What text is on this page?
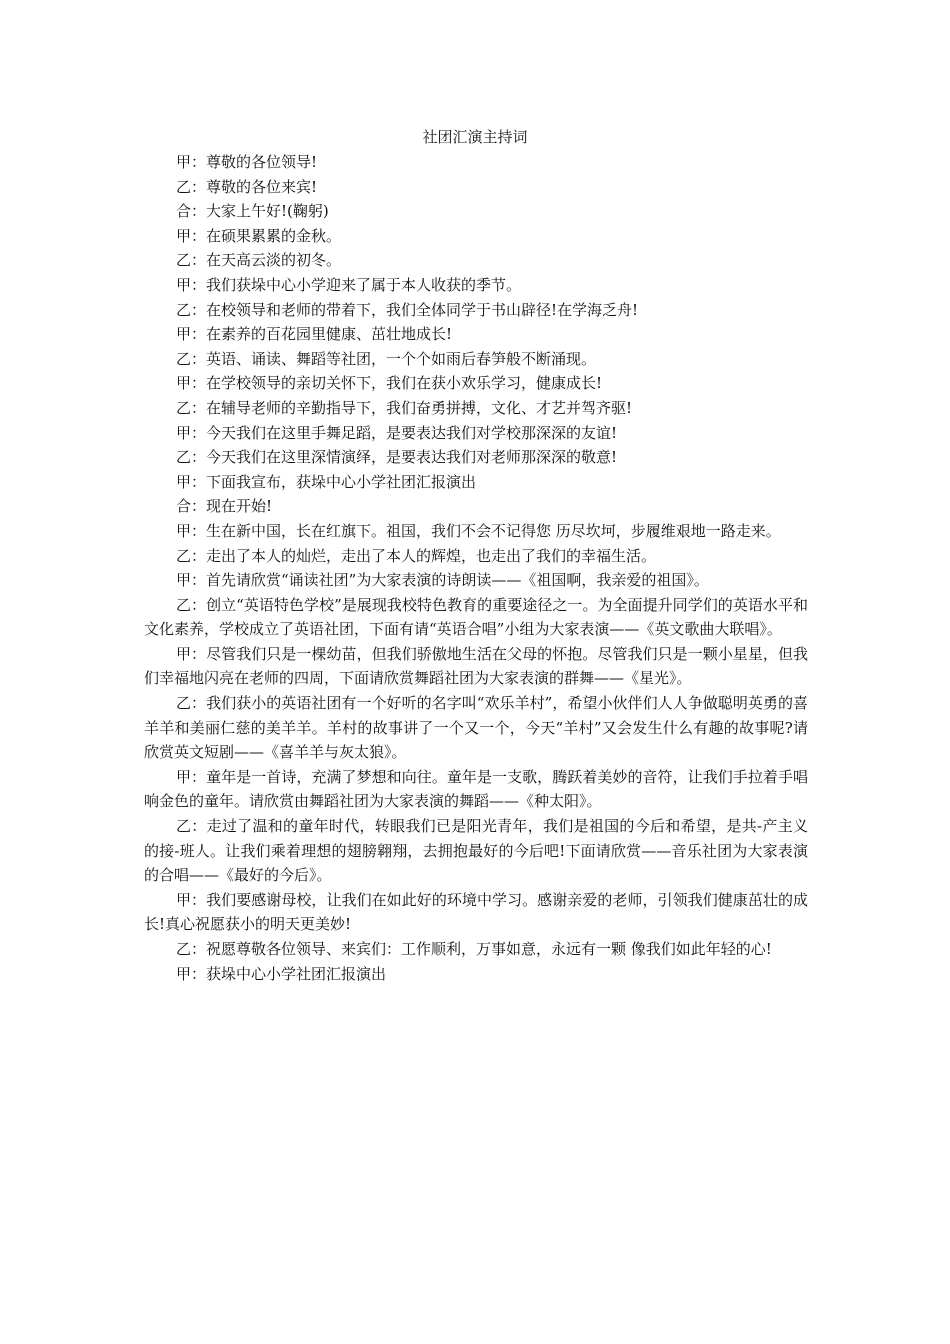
社团汇演主持词

甲：尊敬的各位领导!

乙：尊敬的各位来宾!

合：大家上午好!(鞠躬)

甲：在硕果累累的金秋。

乙：在天高云淡的初冬。

甲：我们获垛中心小学迎来了属于本人收获的季节。

乙：在校领导和老师的带着下，我们全体同学于书山辟径!在学海乏舟!

甲：在素养的百花园里健康、茁壮地成长!

乙：英语、诵读、舞蹈等社团，一个个如雨后春笋般不断涌现。

甲：在学校领导的亲切关怀下，我们在获小欢乐学习，健康成长!

乙：在辅导老师的辛勤指导下，我们奋勇拼搏，文化、才艺并驾齐驱!

甲：今天我们在这里手舞足蹈，是要表达我们对学校那深深的友谊!

乙：今天我们在这里深情演绎，是要表达我们对老师那深深的敬意!

甲：下面我宣布，获垛中心小学社团汇报演出

合：现在开始!

甲：生在新中国，长在红旗下。祖国，我们不会不记得您 历尽坎坷，步履维艰地一路走来。

乙：走出了本人的灿烂，走出了本人的辉煌，也走出了我们的幸福生活。

甲：首先请欣赏“诵读社团”为大家表演的诗朗读——《祖国啊，我亲爱的祖国》。

乙：创立“英语特色学校”是展现我校特色教育的重要途径之一。为全面提升同学们的英语水平和文化素养，学校成立了英语社团，下面有请“英语合唱”小组为大家表演——《英文歌曲大联唱》。

甲：尽管我们只是一棵幼苗，但我们骄傲地生活在父母的怀抱。尽管我们只是一颗小星星，但我们幸福地闪亮在老师的四周，下面请欣赏舞蹈社团为大家表演的群舞——《星光》。

乙：我们获小的英语社团有一个好听的名字叫“欢乐羊村”，希望小伙伴们人人争做聪明英勇的喜羊羊和美丽仁慈的美羊羊。羊村的故事讲了一个又一个，今天“羊村”又会发生什么有趣的故事呢?请欣赏英文短剧——《喜羊羊与灰太狼》。

甲：童年是一首诗，充满了梦想和向往。童年是一支歌，腾跃着美妙的音符，让我们手拉着手唱响金色的童年。请欣赏由舞蹈社团为大家表演的舞蹈——《种太阳》。

乙：走过了温和的童年时代，转眼我们已是阳光青年，我们是祖国的今后和希望，是共-产主义的接-班人。让我们乘着理想的翅膀翱翔，去拥抱最好的今后吧!下面请欣赏——音乐社团为大家表演的合唱——《最好的今后》。

甲：我们要感谢母校，让我们在如此好的环境中学习。感谢亲爱的老师，引领我们健康茁壮的成长!真心祝愿获小的明天更美妙!

乙：祝愿尊敬各位领导、来宾们：工作顺利，万事如意，永远有一颗 像我们如此年轻的心!

甲：获垛中心小学社团汇报演出
